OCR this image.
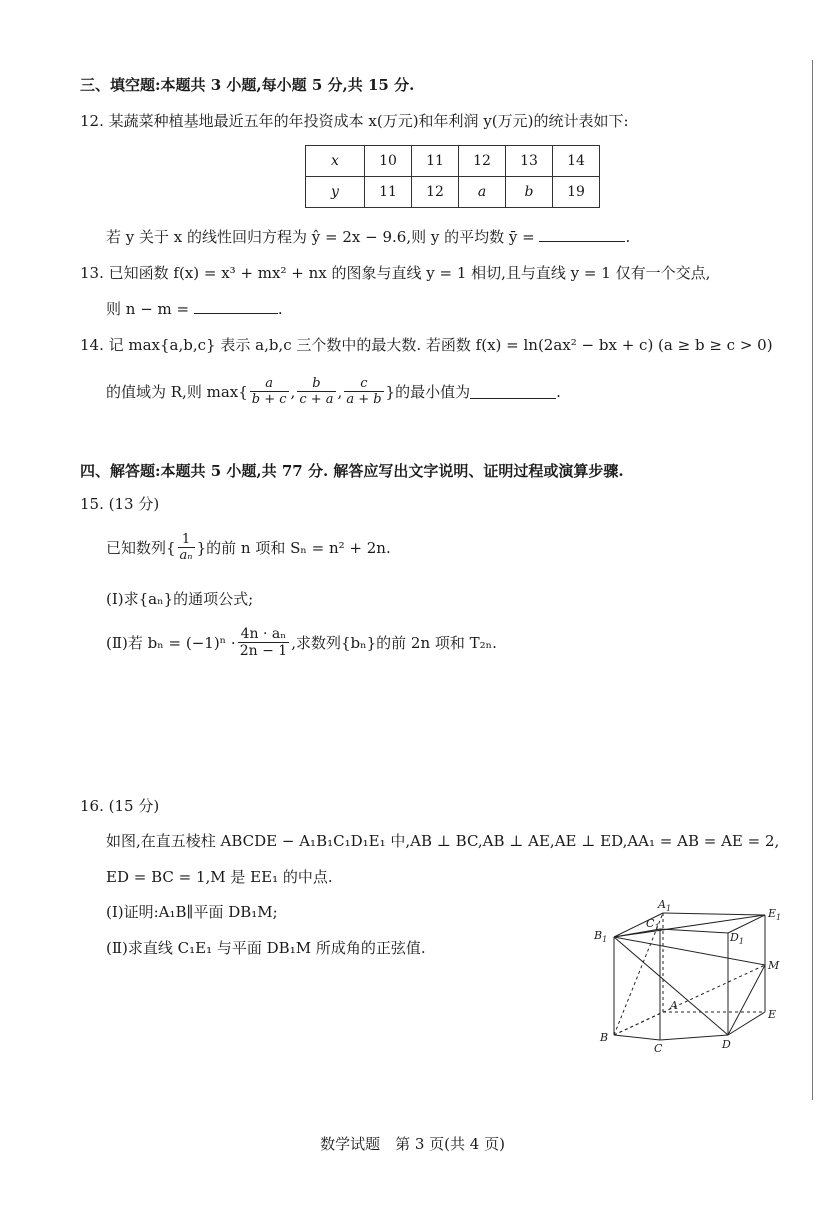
三、填空题:本题共 3 小题,每小题 5 分,共 15 分.
12. 某蔬菜种植基地最近五年的年投资成本 x(万元)和年利润 y(万元)的统计表如下:
x	10	11	12	13	14
y	11	12	a	b	19
若 y 关于 x 的线性回归方程为 ŷ = 2x − 9.6,则 y 的平均数 ȳ =	.
13. 已知函数 f(x) = x³ + mx² + nx 的图象与直线 y = 1 相切,且与直线 y = 1 仅有一个交点,
则 n − m =	.
14. 记 max{a,b,c} 表示 a,b,c 三个数中的最大数. 若函数 f(x) = ln(2ax² − bx + c) (a ≥ b ≥ c > 0)
的值域为 R,则 $\max\{ \frac{a}{b + c}$ , $\frac{b}{c + a}$ , $\frac{c}{a + b}$ }的最小值为	.
四、解答题:本题共 5 小题,共 77 分. 解答应写出文字说明、证明过程或演算步骤.
15. (13 分)
已知数列{ $\frac{1}{\text{aₙ}}$ }的前 n 项和 Sₙ = n² + 2n.
(Ⅰ)求{aₙ}的通项公式;
(Ⅱ)若 $b_n = (-1)^n \cdot \frac{\text{4n · aₙ}}{2n - 1}$ ,求数列{bₙ}的前 2n 项和 T₂ₙ.
16. (15 分)
如图,在直五棱柱 ABCDE − A₁B₁C₁D₁E₁ 中,AB ⊥ BC,AB ⊥ AE,AE ⊥ ED,AA₁ = AB = AE = 2,
ED = BC = 1,M 是 EE₁ 的中点.
(Ⅰ)证明:A₁B∥平面 DB₁M;
(Ⅱ)求直线 C₁E₁ 与平面 DB₁M 所成角的正弦值.
$A_1$
$C_1$
$B_1$	$D_1$
$E_1$
M
A
E
B
C	D
数学试题　第 3 页(共 4 页)
